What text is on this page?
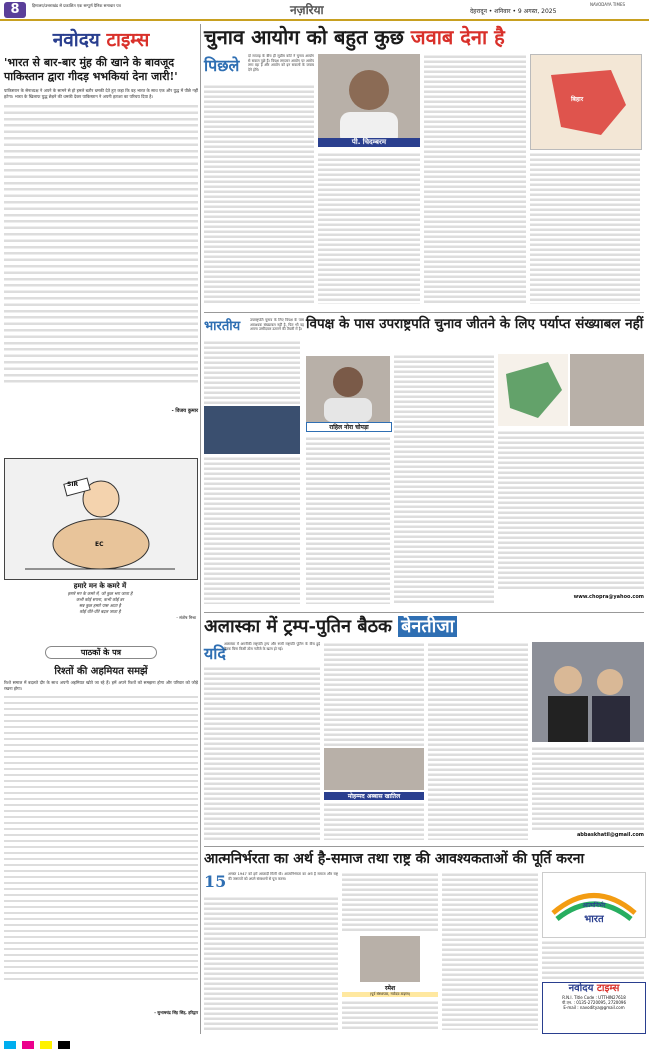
8	हिमालय/उत्तराखंड से प्रकाशित एक सम्पूर्ण दैनिक समाचार पत्र	नज़रिया	देहरादून • शनिवार • 9 अगस्त, 2025
NAVODAYA TIMES
नवोदय टाइम्स
'भारत से बार-बार मुंह की खाने के बावजूद पाकिस्तान द्वारा गीदड़ भभकियां देना जारी!'
पाकिस्तान के सेनाध्यक्ष ने अपने के सामने से हो हमले बतौर धमकी देते हुए कहा कि वह भारत के साथ एक और युद्ध में पीछे नहीं हटेगा। भारत के खिलाफ युद्ध छेड़ने की धमकी देकर पाकिस्तान ने अपनी हताशा का परिचय दिया है।
- विजय कुमार
SIR
EC
हमारे मन के कमरे में
हमारे मन के कमरे में, जो कुछ भरा जाता है
कभी कोई सपना, कभी कोई डर
सब कुछ हमारे पास आता है
कोई धीरे-धीरे बदल जाता है
- संतोष मिश्रा
पाठकों के पत्र
रिश्तों की अहमियत समझें
रिश्ते समाज में बदलते दौर के साथ अपनी अहमियत खोते जा रहे हैं। हमें अपने रिश्तों को समझना होगा और परिवार को जोड़े रखना होगा।
- सुभाषचंद्र सिंह सिंह, हरिद्वार
चुनाव आयोग को बहुत कुछ जवाब देना है
पिछले दो सप्ताह के बीच ही सुप्रीम कोर्ट ने चुनाव आयोग से सवाल पूछे हैं। विपक्ष लगातार आयोग पर आरोप लगा रहा है और आयोग को इन सवालों के जवाब देने होंगे।
पी. चिदम्बरम
बिहार
भारतीय	विपक्ष के पास उपराष्ट्रपति चुनाव जीतने के लिए पर्याप्त संख्याबल नहीं
उपराष्ट्रपति चुनाव के लिए विपक्ष के पास आवश्यक संख्याबल नहीं है, फिर भी वह अपना उम्मीदवार उतारने की तैयारी में है।
राहिल नोरा चोपड़ा
www.chopra@yahoo.com
अलास्का में ट्रम्प-पुतिन बैठक बेनतीजा
यदि
अलास्का में अमरीकी राष्ट्रपति ट्रम्प और रूसी राष्ट्रपति पुतिन के बीच हुई बैठक बिना किसी ठोस नतीजे के खत्म हो गई।
मोहम्मद अब्बास खातिल
abbaskhatil@gmail.com
आत्मनिर्भरता का अर्थ है-समाज तथा राष्ट्र की आवश्यकताओं की पूर्ति करना
15 अगस्त 1947 को हमें आजादी मिली थी। आत्मनिर्भरता का अर्थ है समाज और राष्ट्र की जरूरतों को अपने संसाधनों से पूरा करना।
रमेश
(पूर्व संस्थापक, नवोदय टाइम्स)
आत्मनिर्भर
भारत
नवोदय टाइम्स
R.N.I. Title Code : UTTHIN27618
पी.एन. : 0135-2720095, 2720096
E-mail : navoditya@gmail.com
